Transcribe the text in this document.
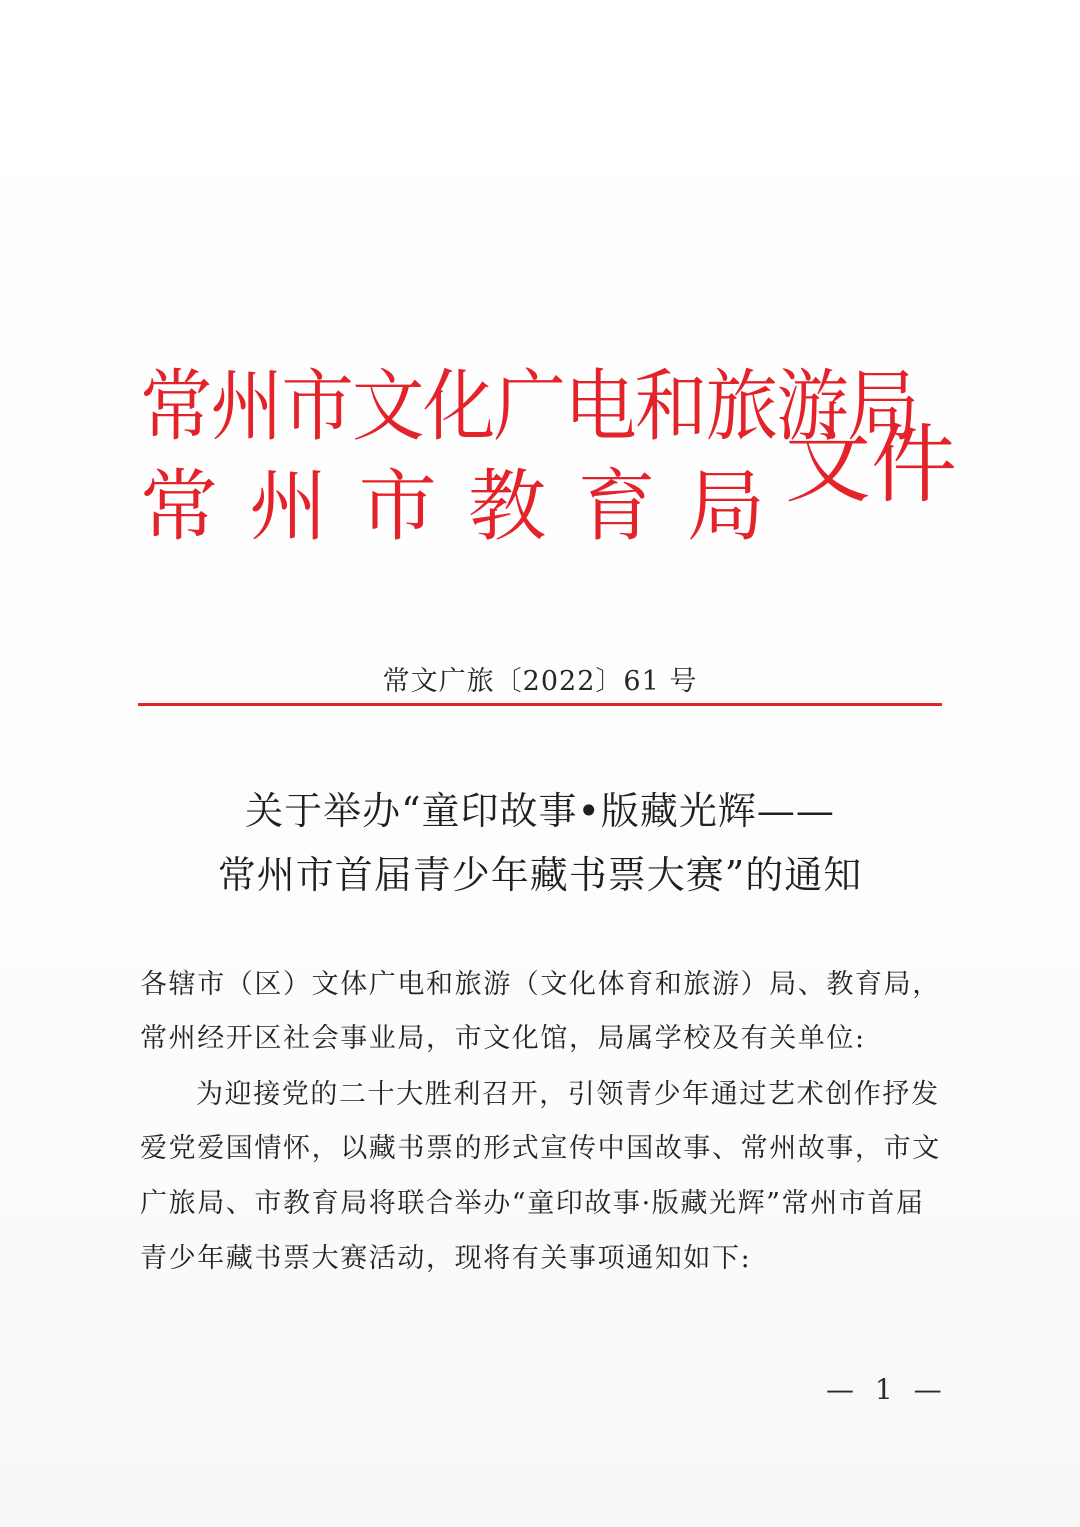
常州市文化广电和旅游局
常 州 市 教 育 局 文件
常文广旅〔2022〕61 号
关于举办“童印故事•版藏光辉——
常州市首届青少年藏书票大赛”的通知
各辖市（区）文体广电和旅游（文化体育和旅游）局、教育局，
常州经开区社会事业局，市文化馆，局属学校及有关单位:
为迎接党的二十大胜利召开，引领青少年通过艺术创作抒发
爱党爱国情怀，以藏书票的形式宣传中国故事、常州故事，市文
广旅局、市教育局将联合举办“童印故事·版藏光辉”常州市首届
青少年藏书票大赛活动，现将有关事项通知如下:
— 1 —
